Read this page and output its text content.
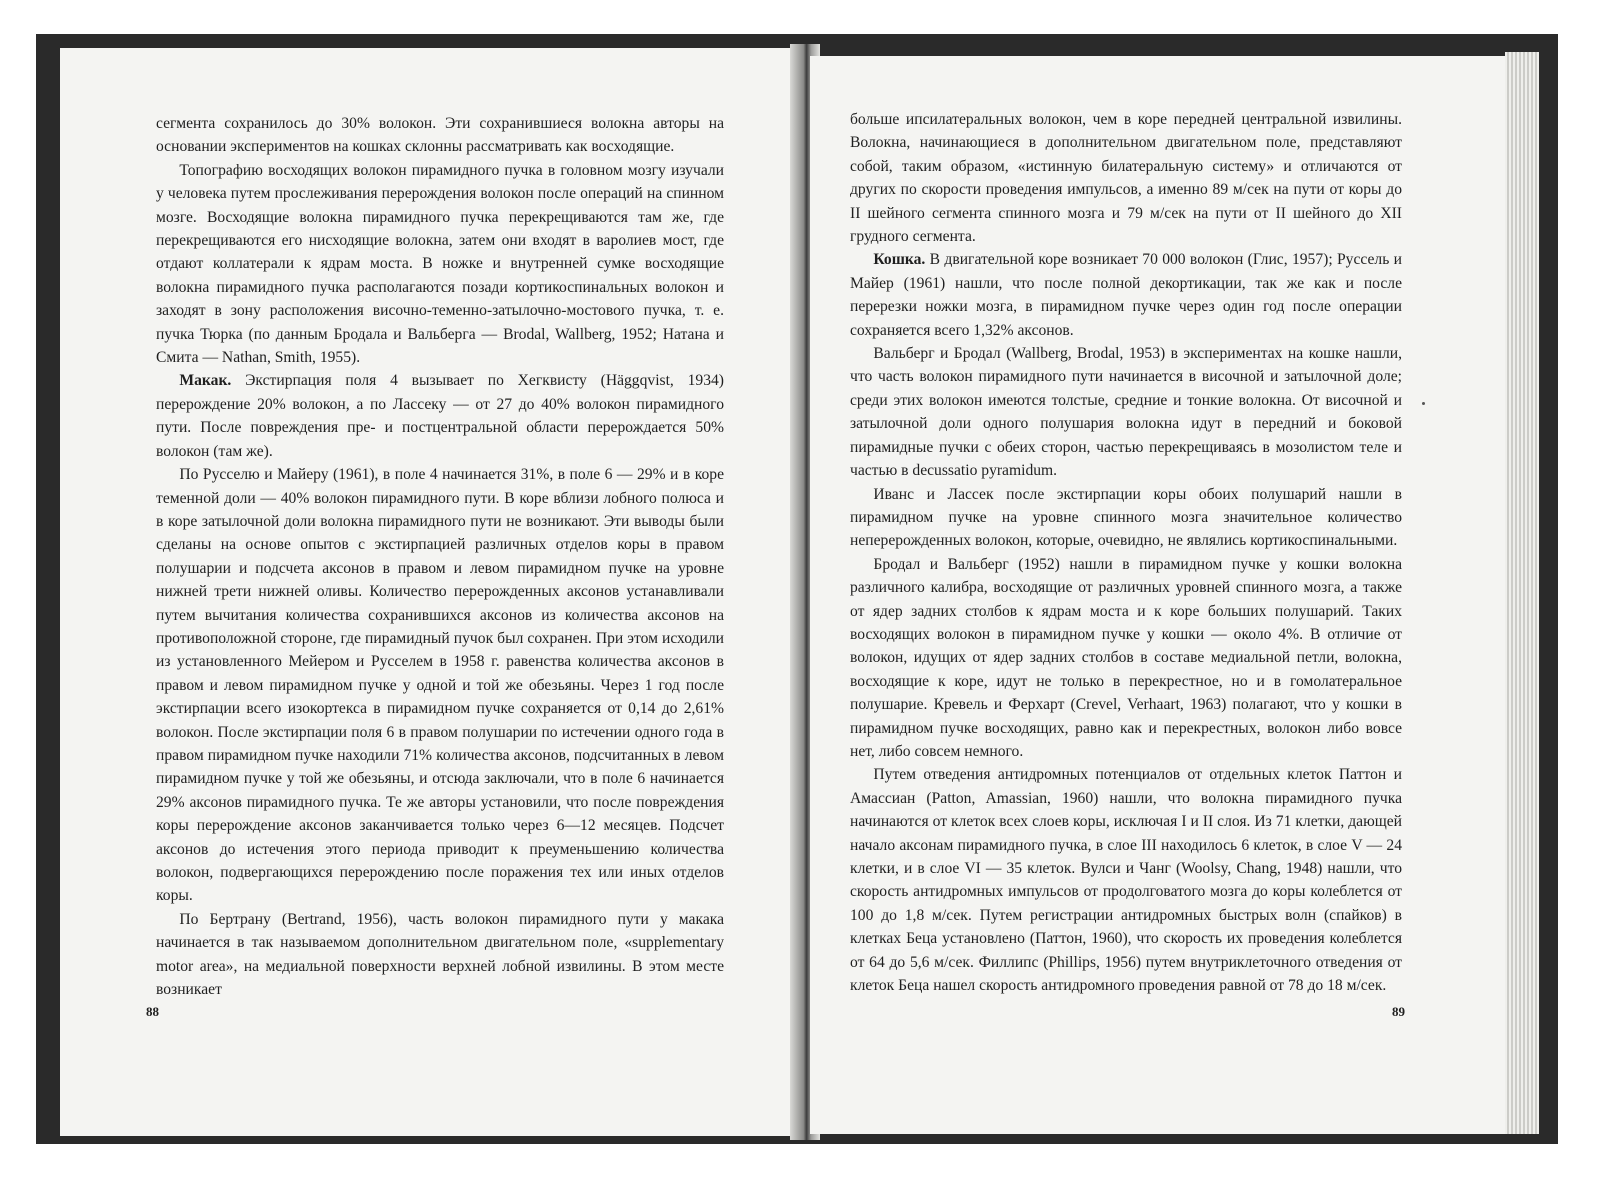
сегмента сохранилось до 30% волокон. Эти сохранившиеся волокна авторы на основании экспериментов на кошках склонны рассматривать как восходящие.

Топографию восходящих волокон пирамидного пучка в головном мозгу изучали у человека путем прослеживания перерождения волокон после операций на спинном мозге. Восходящие волокна пирамидного пучка перекрещиваются там же, где перекрещиваются его нисходящие волокна, затем они входят в варолиев мост, где отдают коллатерали к ядрам моста. В ножке и внутренней сумке восходящие волокна пирамидного пучка располагаются позади кортикоспинальных волокон и заходят в зону расположения височно-теменно-затылочно-мостового пучка, т. е. пучка Тюрка (по данным Бродала и Вальберга — Brodal, Wallberg, 1952; Натана и Смита — Nathan, Smith, 1955).

Макак. Экстирпация поля 4 вызывает по Хегквисту (Häggqvist, 1934) перерождение 20% волокон, а по Лассеку — от 27 до 40% волокон пирамидного пути. После повреждения пре- и постцентральной области перерождается 50% волокон (там же).

По Русселю и Майеру (1961), в поле 4 начинается 31%, в поле 6 — 29% и в коре теменной доли — 40% волокон пирамидного пути. В коре вблизи лобного полюса и в коре затылочной доли волокна пирамидного пути не возникают. Эти выводы были сделаны на основе опытов с экстирпацией различных отделов коры в правом полушарии и подсчета аксонов в правом и левом пирамидном пучке на уровне нижней трети нижней оливы. Количество перерожденных аксонов устанавливали путем вычитания количества сохранившихся аксонов из количества аксонов на противоположной стороне, где пирамидный пучок был сохранен. При этом исходили из установленного Мейером и Русселем в 1958 г. равенства количества аксонов в правом и левом пирамидном пучке у одной и той же обезьяны. Через 1 год после экстирпации всего изокортекса в пирамидном пучке сохраняется от 0,14 до 2,61% волокон. После экстирпации поля 6 в правом полушарии по истечении одного года в правом пирамидном пучке находили 71% количества аксонов, подсчитанных в левом пирамидном пучке у той же обезьяны, и отсюда заключали, что в поле 6 начинается 29% аксонов пирамидного пучка. Те же авторы установили, что после повреждения коры перерождение аксонов заканчивается только через 6—12 месяцев. Подсчет аксонов до истечения этого периода приводит к преуменьшению количества волокон, подвергающихся перерождению после поражения тех или иных отделов коры.

По Бертрану (Bertrand, 1956), часть волокон пирамидного пути у макака начинается в так называемом дополнительном двигательном поле, «supplementary motor area», на медиальной поверхности верхней лобной извилины. В этом месте возникает

88

больше ипсилатеральных волокон, чем в коре передней центральной извилины. Волокна, начинающиеся в дополнительном двигательном поле, представляют собой, таким образом, «истинную билатеральную систему» и отличаются от других по скорости проведения импульсов, а именно 89 м/сек на пути от коры до II шейного сегмента спинного мозга и 79 м/сек на пути от II шейного до XII грудного сегмента.

Кошка. В двигательной коре возникает 70 000 волокон (Глис, 1957); Руссель и Майер (1961) нашли, что после полной декортикации, так же как и после перерезки ножки мозга, в пирамидном пучке через один год после операции сохраняется всего 1,32% аксонов.

Вальберг и Бродал (Wallberg, Brodal, 1953) в экспериментах на кошке нашли, что часть волокон пирамидного пути начинается в височной и затылочной доле; среди этих волокон имеются толстые, средние и тонкие волокна. От височной и затылочной доли одного полушария волокна идут в передний и боковой пирамидные пучки с обеих сторон, частью перекрещиваясь в мозолистом теле и частью в decussatio pyramidum.

Иванс и Лассек после экстирпации коры обоих полушарий нашли в пирамидном пучке на уровне спинного мозга значительное количество неперерожденных волокон, которые, очевидно, не являлись кортикоспинальными.

Бродал и Вальберг (1952) нашли в пирамидном пучке у кошки волокна различного калибра, восходящие от различных уровней спинного мозга, а также от ядер задних столбов к ядрам моста и к коре больших полушарий. Таких восходящих волокон в пирамидном пучке у кошки — около 4%. В отличие от волокон, идущих от ядер задних столбов в составе медиальной петли, волокна, восходящие к коре, идут не только в перекрестное, но и в гомолатеральное полушарие. Кревель и Ферхарт (Crevel, Verhaart, 1963) полагают, что у кошки в пирамидном пучке восходящих, равно как и перекрестных, волокон либо вовсе нет, либо совсем немного.

Путем отведения антидромных потенциалов от отдельных клеток Паттон и Амассиан (Patton, Amassian, 1960) нашли, что волокна пирамидного пучка начинаются от клеток всех слоев коры, исключая I и II слоя. Из 71 клетки, дающей начало аксонам пирамидного пучка, в слое III находилось 6 клеток, в слое V — 24 клетки, и в слое VI — 35 клеток. Вулси и Чанг (Woolsy, Chang, 1948) нашли, что скорость антидромных импульсов от продолговатого мозга до коры колеблется от 100 до 1,8 м/сек. Путем регистрации антидромных быстрых волн (спайков) в клетках Беца установлено (Паттон, 1960), что скорость их проведения колеблется от 64 до 5,6 м/сек. Филлипс (Phillips, 1956) путем внутриклеточного отведения от клеток Беца нашел скорость антидромного проведения равной от 78 до 18 м/сек.

89
